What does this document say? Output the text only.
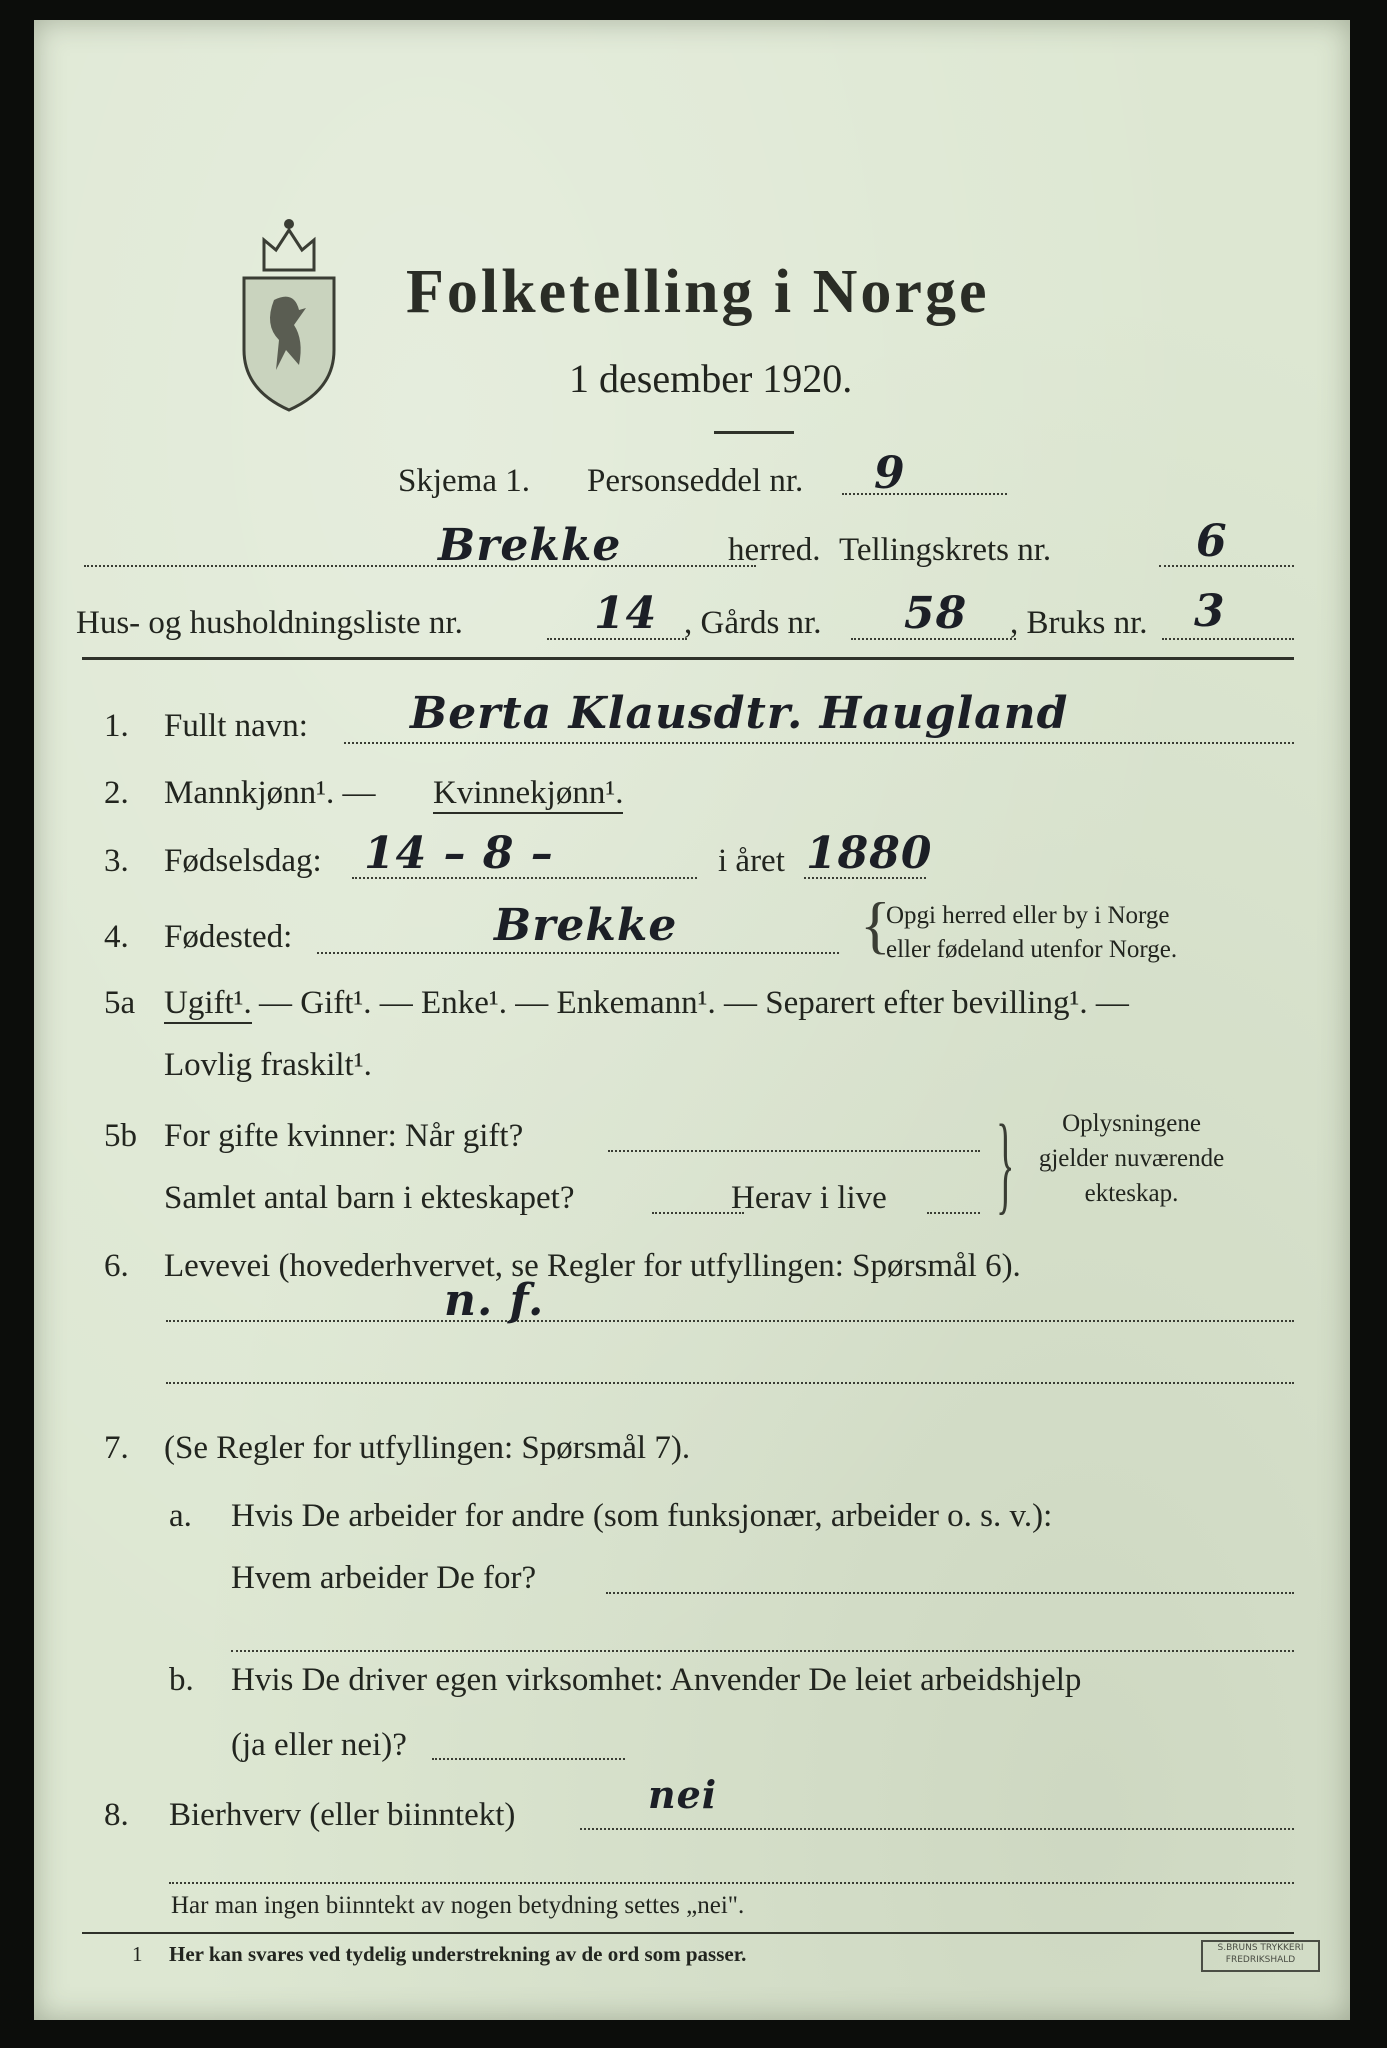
Folketelling i Norge
1 desember 1920.
Skjema 1. Personseddel nr. 9
Brekke	herred. Tellingskrets nr.	6
Hus- og husholdningsliste nr.	14 , Gårds nr. 58 , Bruks nr. 3
1. Fullt navn: Berta Klausdtr. Haugland
2. Mannkjønn¹. — Kvinnekjønn¹.
3. Fødselsdag: 14 – 8 –	i året 1880
4. Fødested:	Brekke	{
Opgi herred eller by i Norge
eller fødeland utenfor Norge.
5a Ugift¹. — Gift¹. — Enke¹. — Enkemann¹. — Separert efter bevilling¹. —
Lovlig fraskilt¹.
5b For gifte kvinner: Når gift?
Samlet antal barn i ekteskapet?	Herav i live }	Oplysningene
gjelder nuværende
ekteskap.
6. Levevei (hovederhvervet, se Regler for utfyllingen: Spørsmål 6).
n. f.
7. (Se Regler for utfyllingen: Spørsmål 7).
a. Hvis De arbeider for andre (som funksjonær, arbeider o. s. v.):
Hvem arbeider De for?
b. Hvis De driver egen virksomhet: Anvender De leiet arbeidshjelp
(ja eller nei)?
8. Bierhverv (eller biinntekt)	nei
Har man ingen biinntekt av nogen betydning settes „nei".
1 Her kan svares ved tydelig understrekning av de ord som passer.	S.BRUNS TRYKKERI
FREDRIKSHALD
